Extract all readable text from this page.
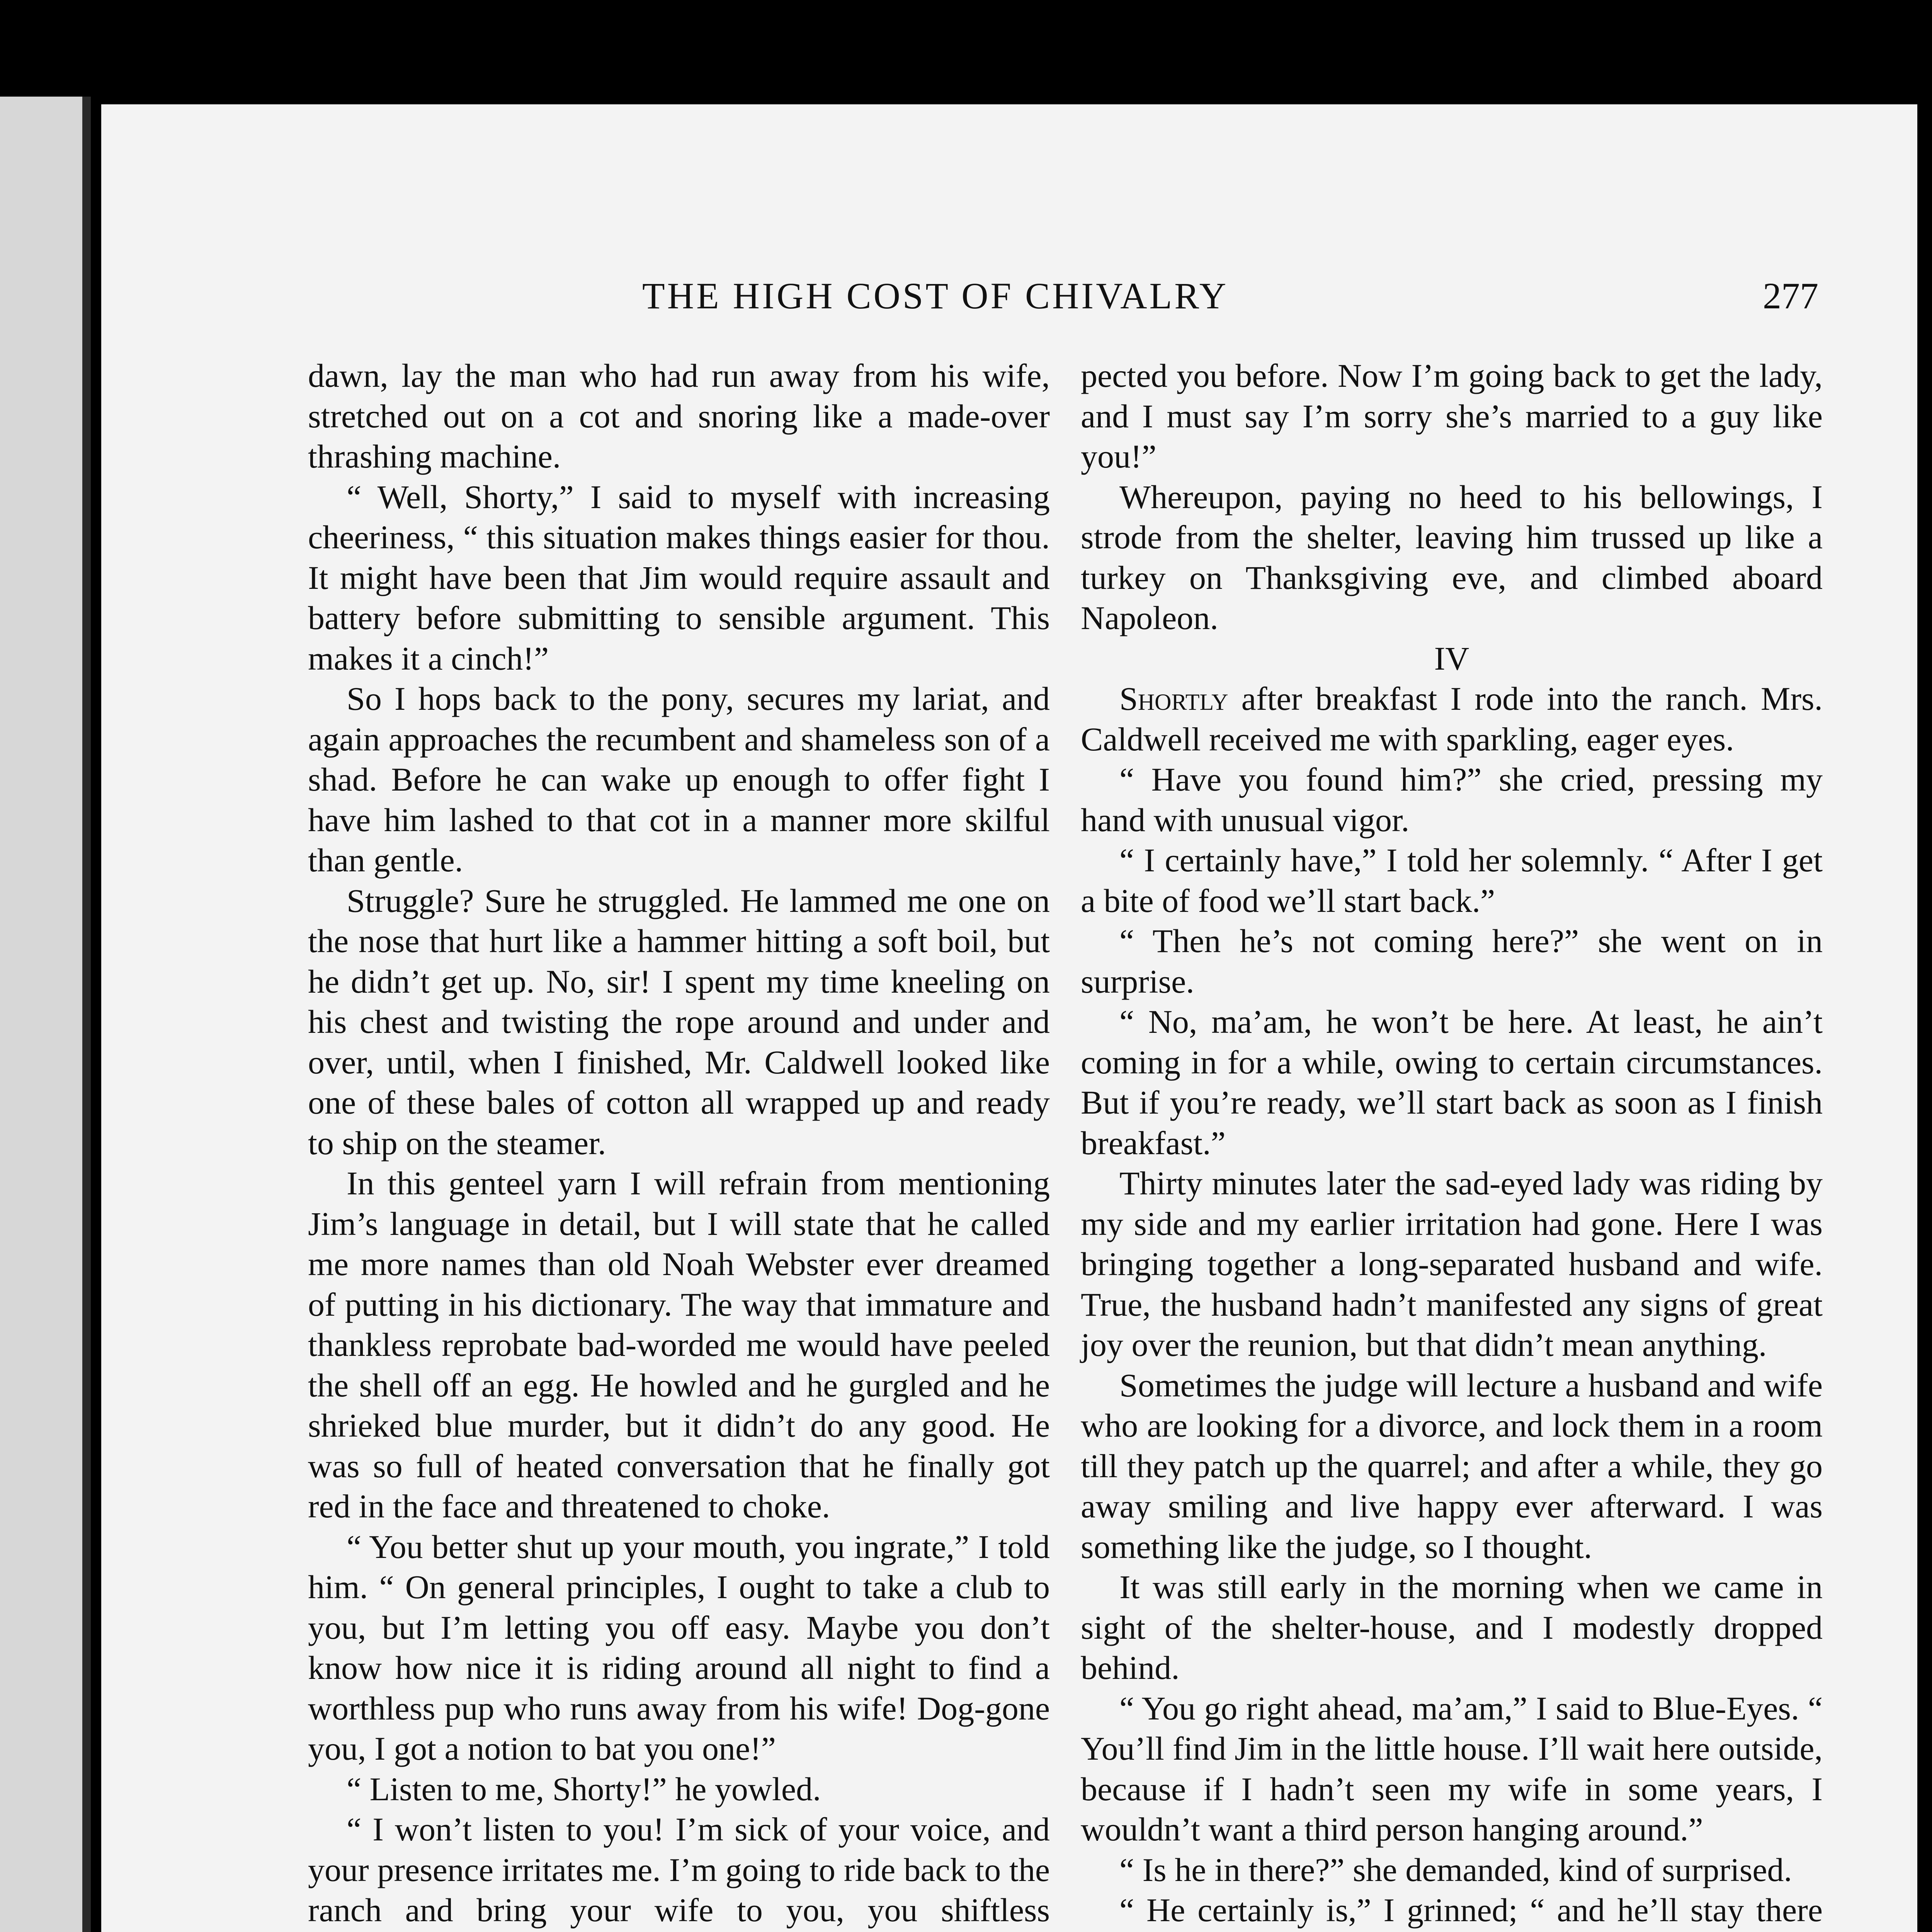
THE HIGH COST OF CHIVALRY	277

dawn, lay the man who had run away from his wife, stretched out on a cot and snoring like a made-over thrashing machine.

“ Well, Shorty,” I said to myself with increasing cheeriness, “ this situation makes things easier for thou. It might have been that Jim would require assault and battery before submitting to sensible argument. This makes it a cinch!”

So I hops back to the pony, secures my lariat, and again approaches the recumbent and shameless son of a shad. Before he can wake up enough to offer fight I have him lashed to that cot in a manner more skilful than gentle.

Struggle? Sure he struggled. He lammed me one on the nose that hurt like a hammer hitting a soft boil, but he didn’t get up. No, sir! I spent my time kneeling on his chest and twisting the rope around and under and over, until, when I finished, Mr. Caldwell looked like one of these bales of cotton all wrapped up and ready to ship on the steamer.

In this genteel yarn I will refrain from mentioning Jim’s language in detail, but I will state that he called me more names than old Noah Webster ever dreamed of putting in his dictionary. The way that immature and thankless reprobate bad-worded me would have peeled the shell off an egg. He howled and he gurgled and he shrieked blue murder, but it didn’t do any good. He was so full of heated conversation that he finally got red in the face and threatened to choke.

“ You better shut up your mouth, you ingrate,” I told him. “ On general principles, I ought to take a club to you, but I’m letting you off easy. Maybe you don’t know how nice it is riding around all night to find a worthless pup who runs away from his wife! Dog-gone you, I got a notion to bat you one!”

“ Listen to me, Shorty!” he yowled.

“ I won’t listen to you! I’m sick of your voice, and your presence irritates me. I’m going to ride back to the ranch and bring your wife to you, you shiftless

pected you before. Now I’m going back to get the lady, and I must say I’m sorry she’s married to a guy like you!”

Whereupon, paying no heed to his bellowings, I strode from the shelter, leaving him trussed up like a turkey on Thanksgiving eve, and climbed aboard Napoleon.

IV

Shortly after breakfast I rode into the ranch. Mrs. Caldwell received me with sparkling, eager eyes.

“ Have you found him?” she cried, pressing my hand with unusual vigor.

“ I certainly have,” I told her solemnly. “ After I get a bite of food we’ll start back.”

“ Then he’s not coming here?” she went on in surprise.

“ No, ma’am, he won’t be here. At least, he ain’t coming in for a while, owing to certain circumstances. But if you’re ready, we’ll start back as soon as I finish breakfast.”

Thirty minutes later the sad-eyed lady was riding by my side and my earlier irritation had gone. Here I was bringing together a long-separated husband and wife. True, the husband hadn’t manifested any signs of great joy over the reunion, but that didn’t mean anything.

Sometimes the judge will lecture a husband and wife who are looking for a divorce, and lock them in a room till they patch up the quarrel; and after a while, they go away smiling and live happy ever afterward. I was something like the judge, so I thought.

It was still early in the morning when we came in sight of the shelter-house, and I modestly dropped behind.

“ You go right ahead, ma’am,” I said to Blue-Eyes. “ You’ll find Jim in the little house. I’ll wait here outside, because if I hadn’t seen my wife in some years, I wouldn’t want a third person hanging around.”

“ Is he in there?” she demanded, kind of surprised.

“ He certainly is,” I grinned; “ and he’ll stay there
